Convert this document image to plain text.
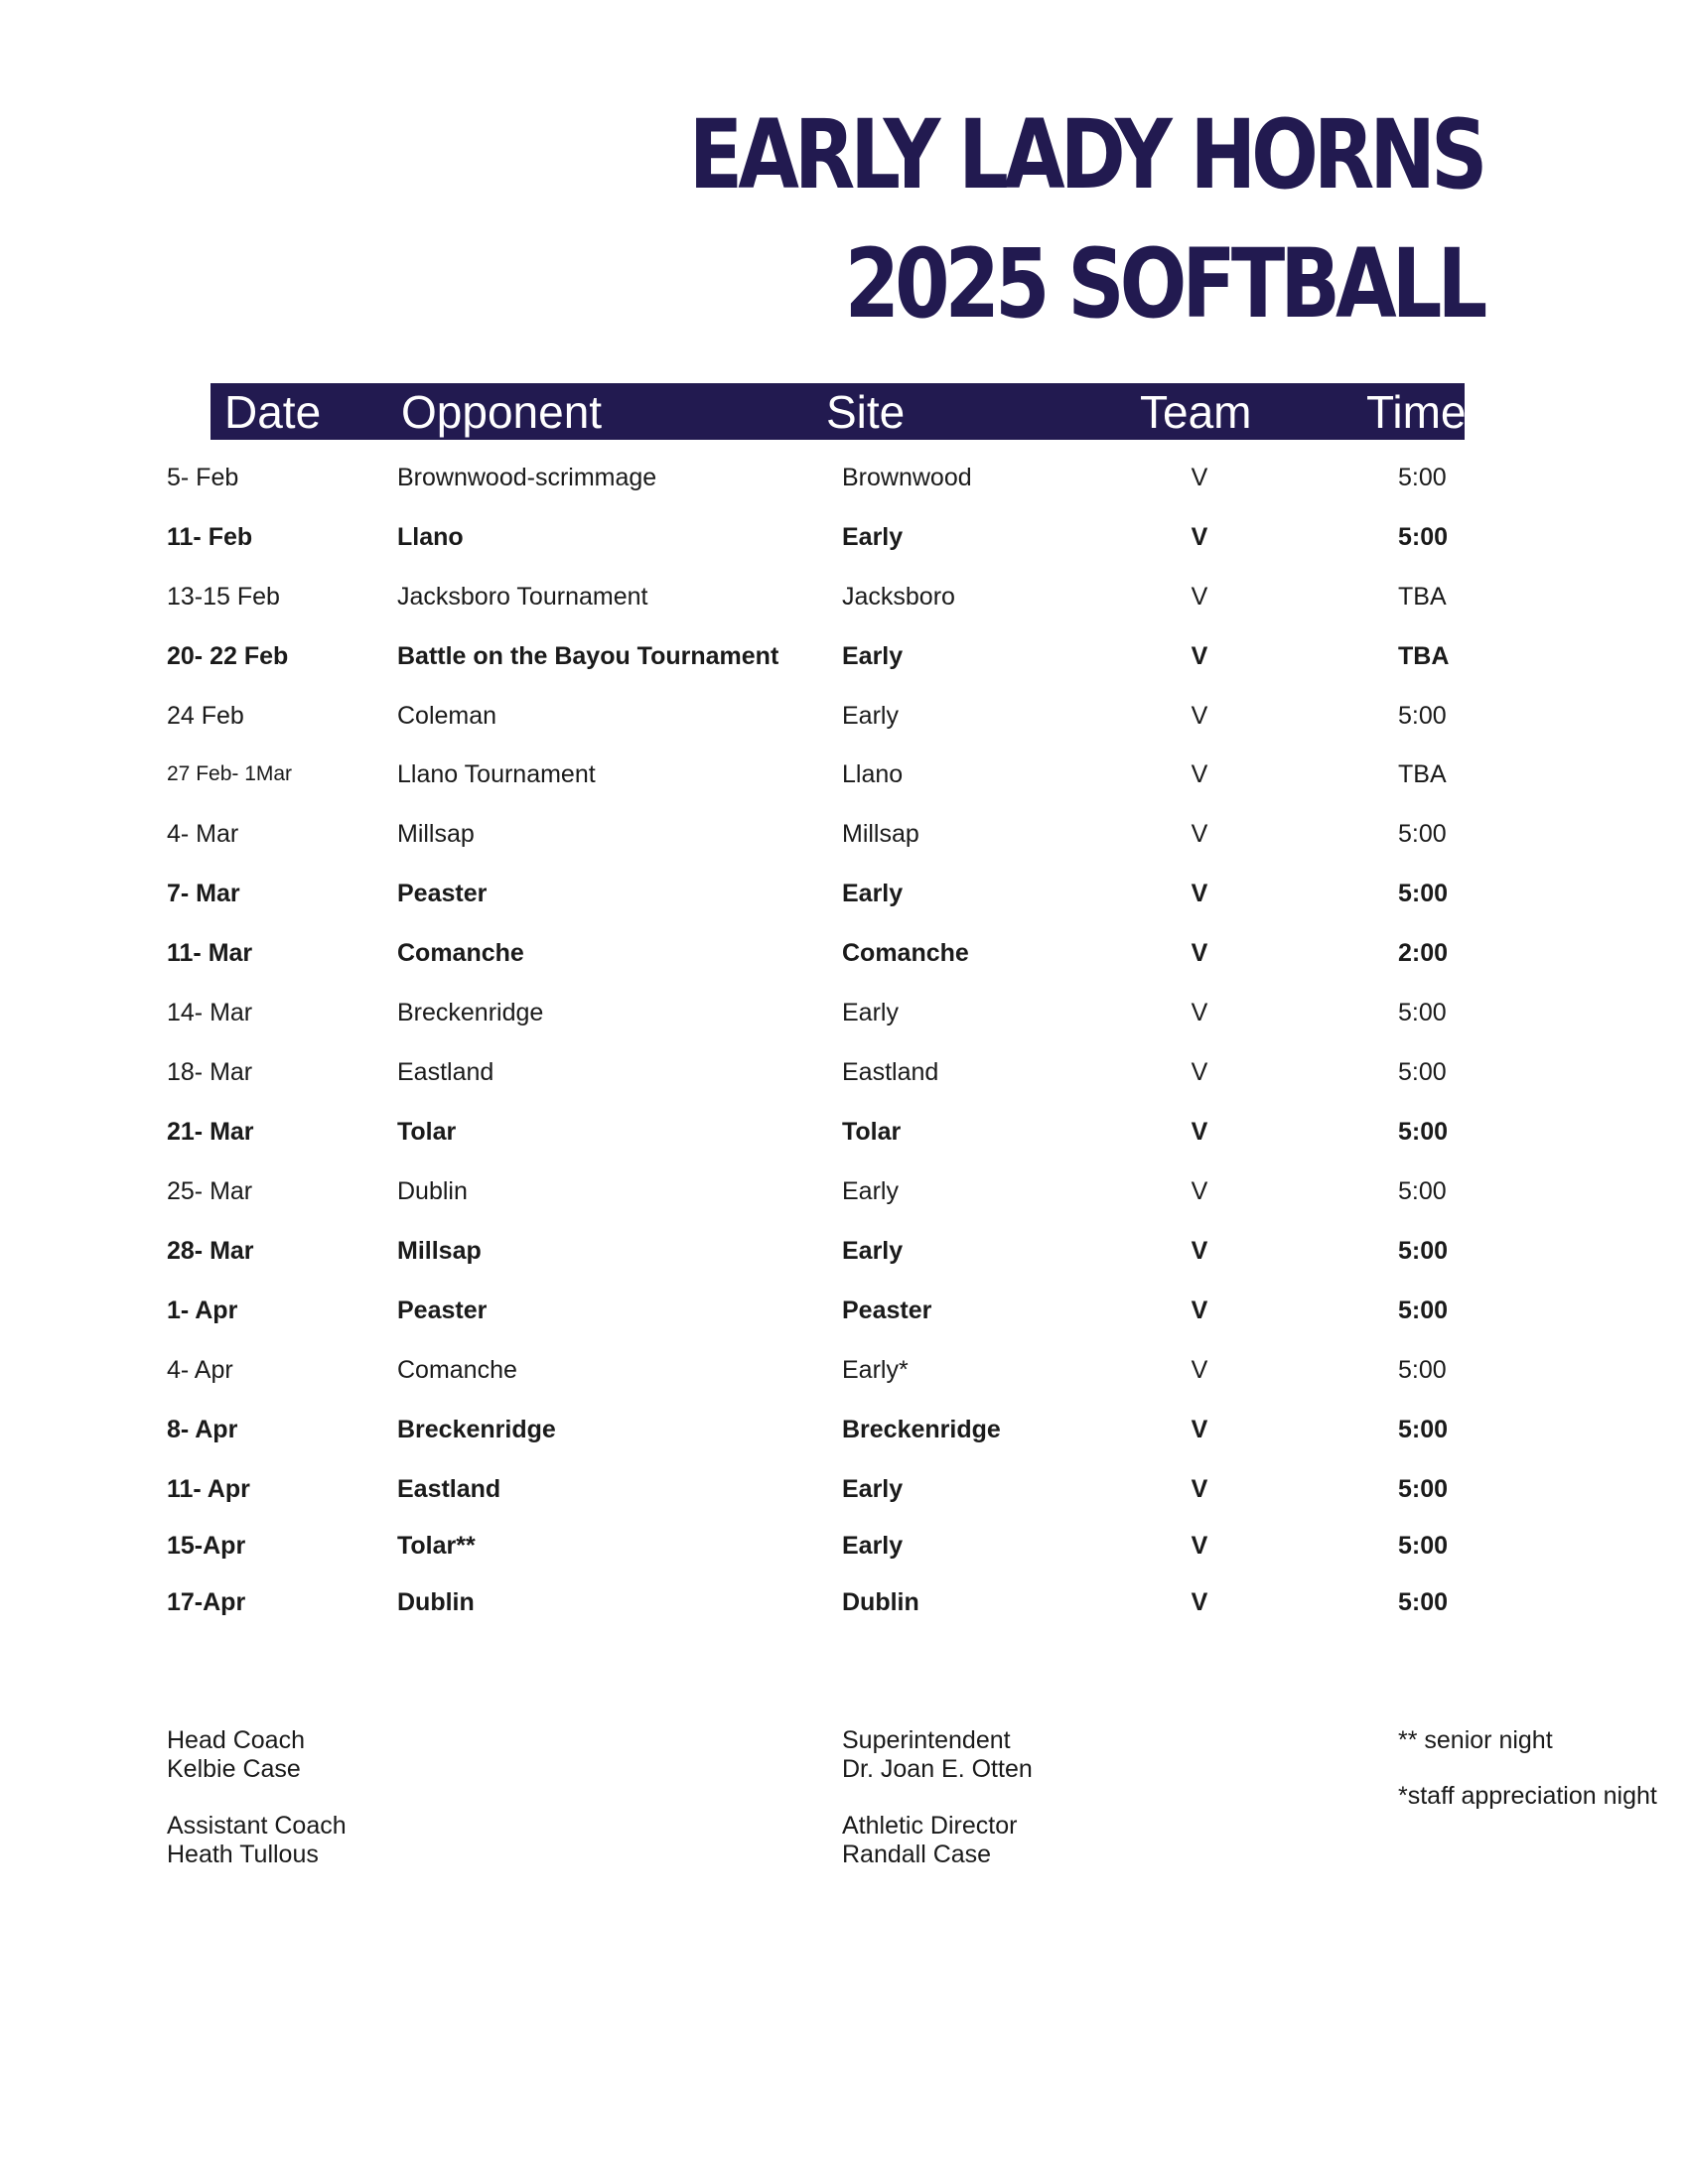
EARLY LADY HORNS
2025 SOFTBALL
Date Opponent	Site	Team	Time
5- Feb	Brownwood-scrimmage	Brownwood	V	5:00
11- Feb	Llano	Early	V	5:00
13-15 Feb	Jacksboro Tournament	Jacksboro	V	TBA
20- 22 Feb	Battle on the Bayou Tournament	Early	V	TBA
24 Feb	Coleman	Early	V	5:00
27 Feb- 1Mar	Llano Tournament	Llano	V	TBA
4- Mar	Millsap	Millsap	V	5:00
7- Mar	Peaster	Early	V	5:00
11- Mar	Comanche	Comanche	V	2:00
14- Mar	Breckenridge	Early	V	5:00
18- Mar	Eastland	Eastland	V	5:00
21- Mar	Tolar	Tolar	V	5:00
25- Mar	Dublin	Early	V	5:00
28- Mar	Millsap	Early	V	5:00
1- Apr	Peaster	Peaster	V	5:00
4- Apr	Comanche	Early*	V	5:00
8- Apr	Breckenridge	Breckenridge	V	5:00
11- Apr	Eastland	Early	V	5:00
15-Apr	Tolar**	Early	V	5:00
17-Apr	Dublin	Dublin	V	5:00
Head Coach
Kelbie Case
Assistant Coach
Heath Tullous
Superintendent
Dr. Joan E. Otten
Athletic Director
Randall Case
** senior night
*staff appreciation night
